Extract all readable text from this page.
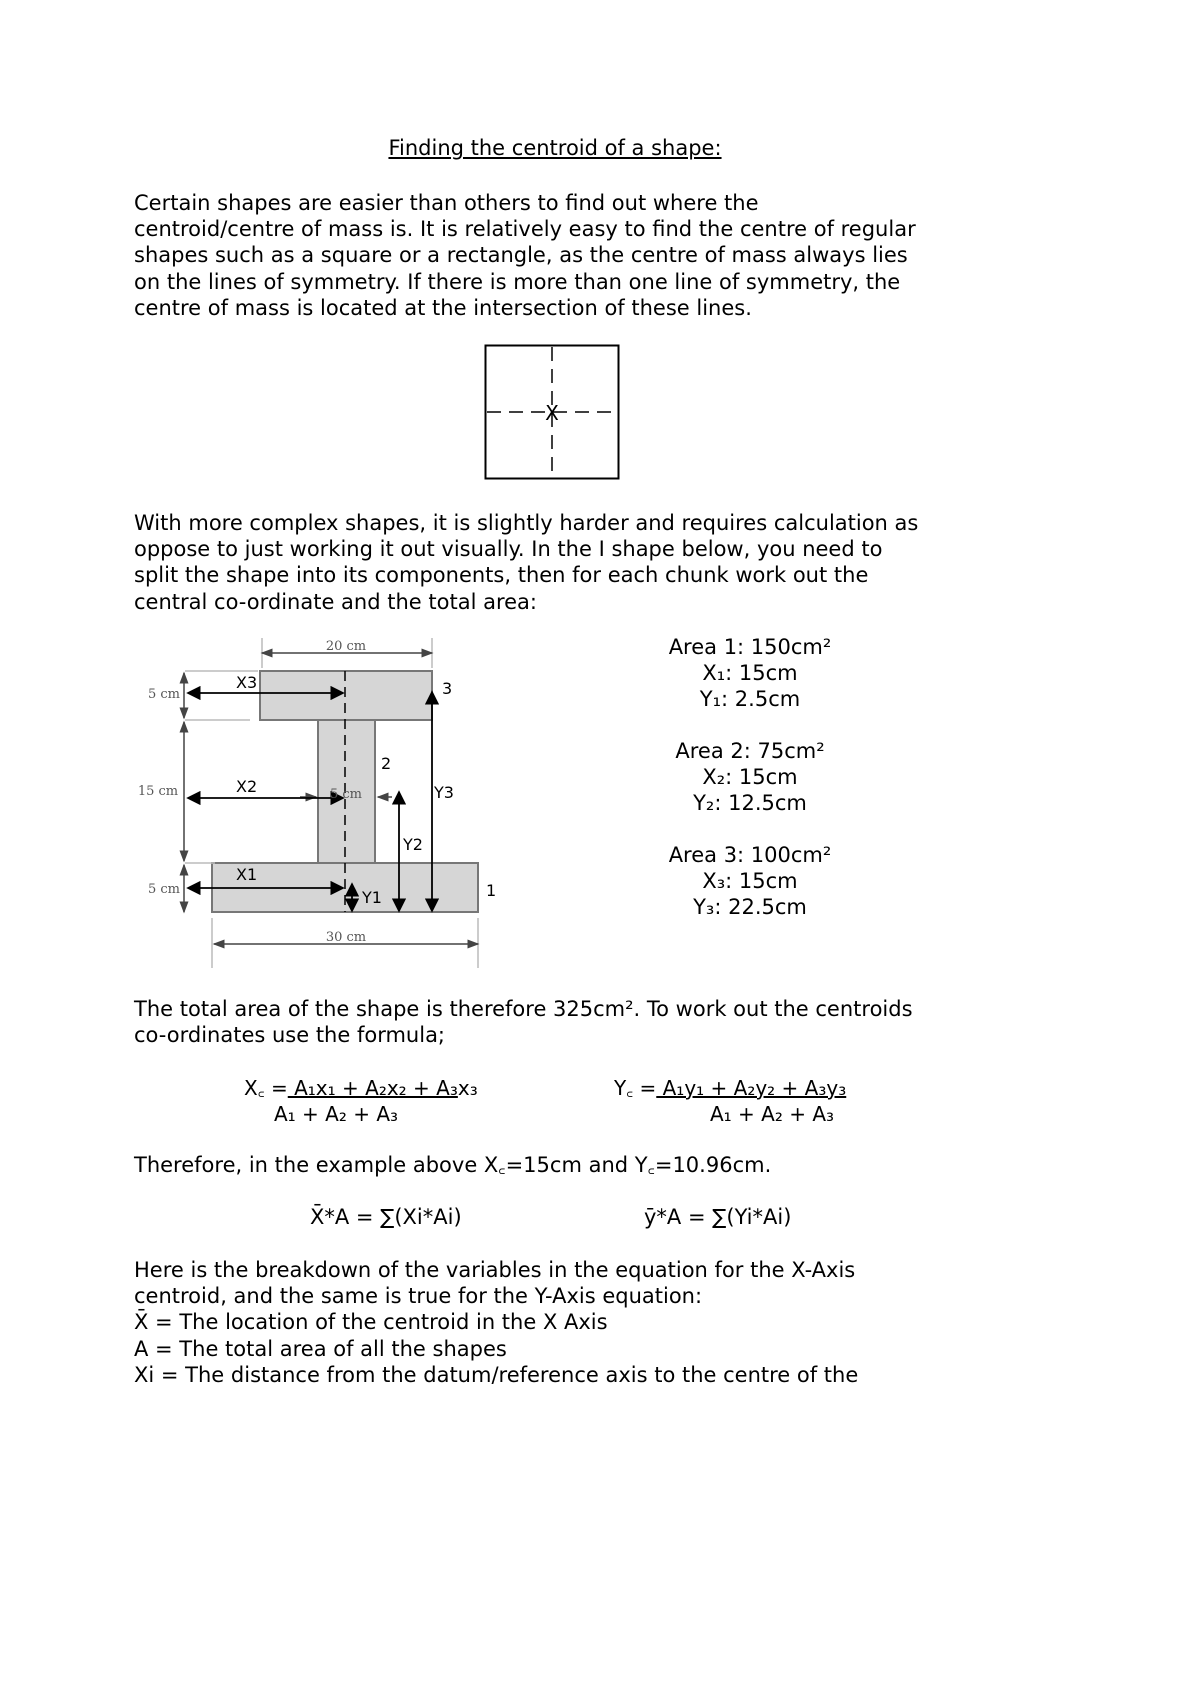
Finding the centroid of a shape:
Certain shapes are easier than others to find out where the
centroid/centre of mass is. It is relatively easy to find the centre of regular
shapes such as a square or a rectangle, as the centre of mass always lies
on the lines of symmetry. If there is more than one line of symmetry, the
centre of mass is located at the intersection of these lines.
X
With more complex shapes, it is slightly harder and requires calculation as
oppose to just working it out visually. In the I shape below, you need to
split the shape into its components, then for each chunk work out the
central co-ordinate and the total area:
20 cm
30 cm
5 cm
15 cm
5 cm
5 cm
X3
X2
X1
Y1
Y2
Y3
3
2
1
Area 1: 150cm²
X₁: 15cm
Y₁: 2.5cm
Area 2: 75cm²
X₂: 15cm
Y₂: 12.5cm
Area 3: 100cm²
X₃: 15cm
Y₃: 22.5cm
The total area of the shape is therefore 325cm². To work out the centroids
co-ordinates use the formula;
X꜀ = A₁x₁ + A₂x₂ + A₃x₃
A₁ + A₂ + A₃
Y꜀ = A₁y₁ + A₂y₂ + A₃y₃
A₁ + A₂ + A₃
Therefore, in the example above X꜀=15cm and Y꜀=10.96cm.
X̄*A = ∑(Xi*Ai)	ȳ*A = ∑(Yi*Ai)
Here is the breakdown of the variables in the equation for the X-Axis
centroid, and the same is true for the Y-Axis equation:
X̄ = The location of the centroid in the X Axis
A = The total area of all the shapes
Xi = The distance from the datum/reference axis to the centre of the
